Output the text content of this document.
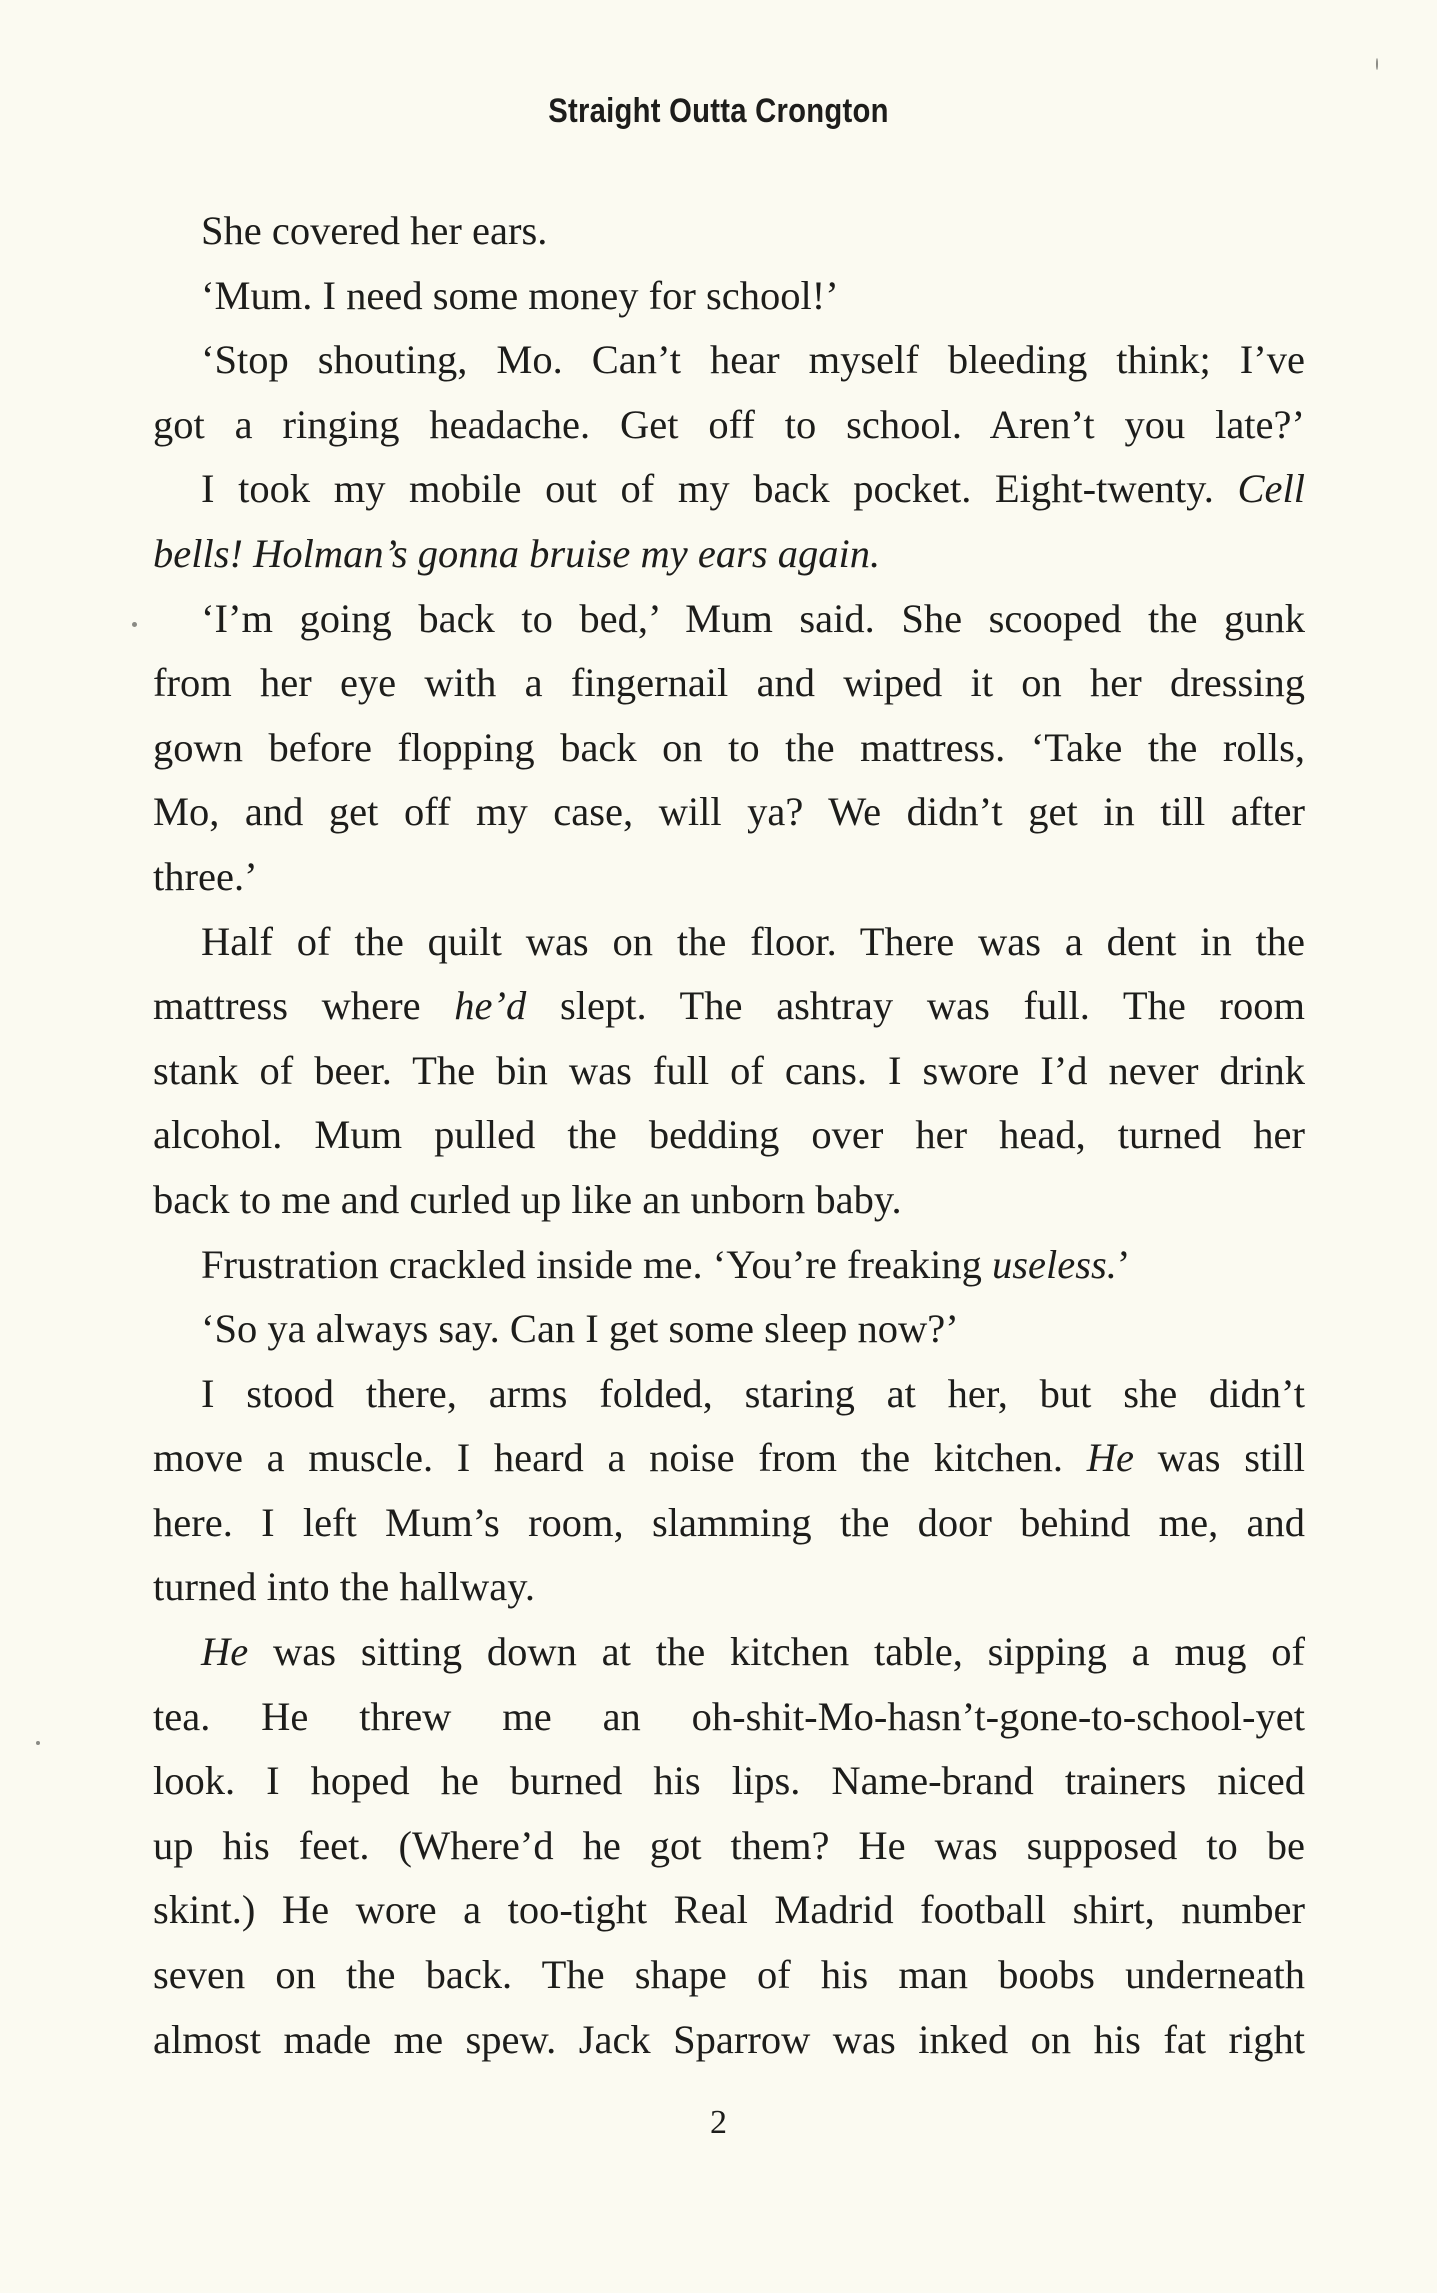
Straight Outta Crongton
She covered her ears.
‘Mum. I need some money for school!’
‘Stop shouting, Mo. Can’t hear myself bleeding think; I’ve
got a ringing headache. Get off to school. Aren’t you late?’
I took my mobile out of my back pocket. Eight-twenty. Cell
bells! Holman’s gonna bruise my ears again.
‘I’m going back to bed,’ Mum said. She scooped the gunk
from her eye with a fingernail and wiped it on her dressing
gown before flopping back on to the mattress. ‘Take the rolls,
Mo, and get off my case, will ya? We didn’t get in till after
three.’
Half of the quilt was on the floor. There was a dent in the
mattress where he’d slept. The ashtray was full. The room
stank of beer. The bin was full of cans. I swore I’d never drink
alcohol. Mum pulled the bedding over her head, turned her
back to me and curled up like an unborn baby.
Frustration crackled inside me. ‘You’re freaking useless.’
‘So ya always say. Can I get some sleep now?’
I stood there, arms folded, staring at her, but she didn’t
move a muscle. I heard a noise from the kitchen. He was still
here. I left Mum’s room, slamming the door behind me, and
turned into the hallway.
He was sitting down at the kitchen table, sipping a mug of
tea. He threw me an oh-shit-Mo-hasn’t-gone-to-school-yet
look. I hoped he burned his lips. Name-brand trainers niced
up his feet. (Where’d he got them? He was supposed to be
skint.) He wore a too-tight Real Madrid football shirt, number
seven on the back. The shape of his man boobs underneath
almost made me spew. Jack Sparrow was inked on his fat right
2
